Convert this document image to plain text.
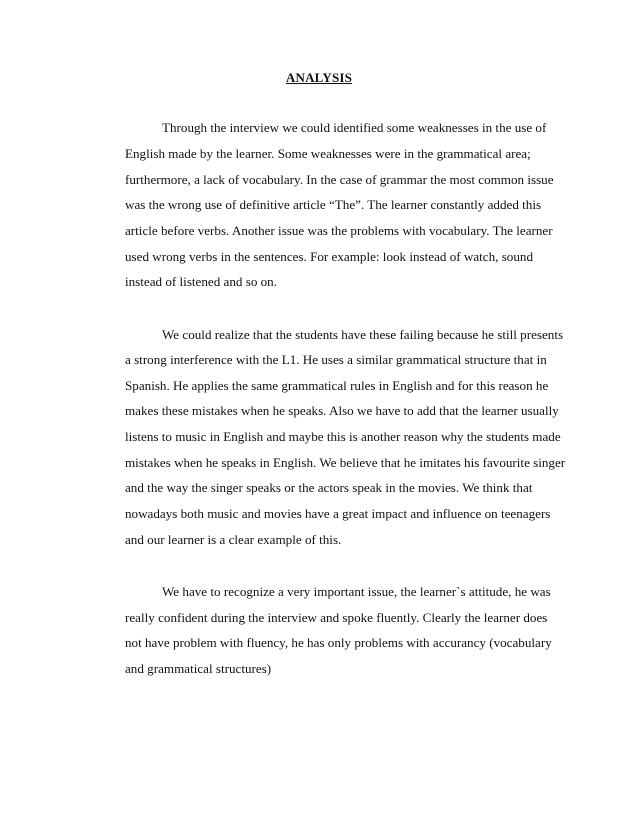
ANALYSIS

Through the interview we could identified some weaknesses in the use of

English made by the learner. Some weaknesses were in the grammatical area;

furthermore, a lack of vocabulary. In the case of grammar the most common issue

was the wrong use of definitive article “The”. The learner constantly added this

article before verbs. Another issue was the problems with vocabulary. The learner

used wrong verbs in the sentences. For example: look instead of watch, sound

instead of listened and so on.

We could realize that the students have these failing because he still presents

a strong interference with the L1. He uses a similar grammatical structure that in

Spanish. He applies the same grammatical rules in English and for this reason he

makes these mistakes when he speaks. Also we have to add that the learner usually

listens to music in English and maybe this is another reason why the students made

mistakes when he speaks in English. We believe that he imitates his favourite singer

and the way the singer speaks or the actors speak in the movies. We think that

nowadays both music and movies have a great impact and influence on teenagers

and our learner is a clear example of this.

We have to recognize a very important issue, the learner`s attitude, he was

really confident during the interview and spoke fluently. Clearly the learner does

not have problem with fluency, he has only problems with accurancy (vocabulary

and grammatical structures)
